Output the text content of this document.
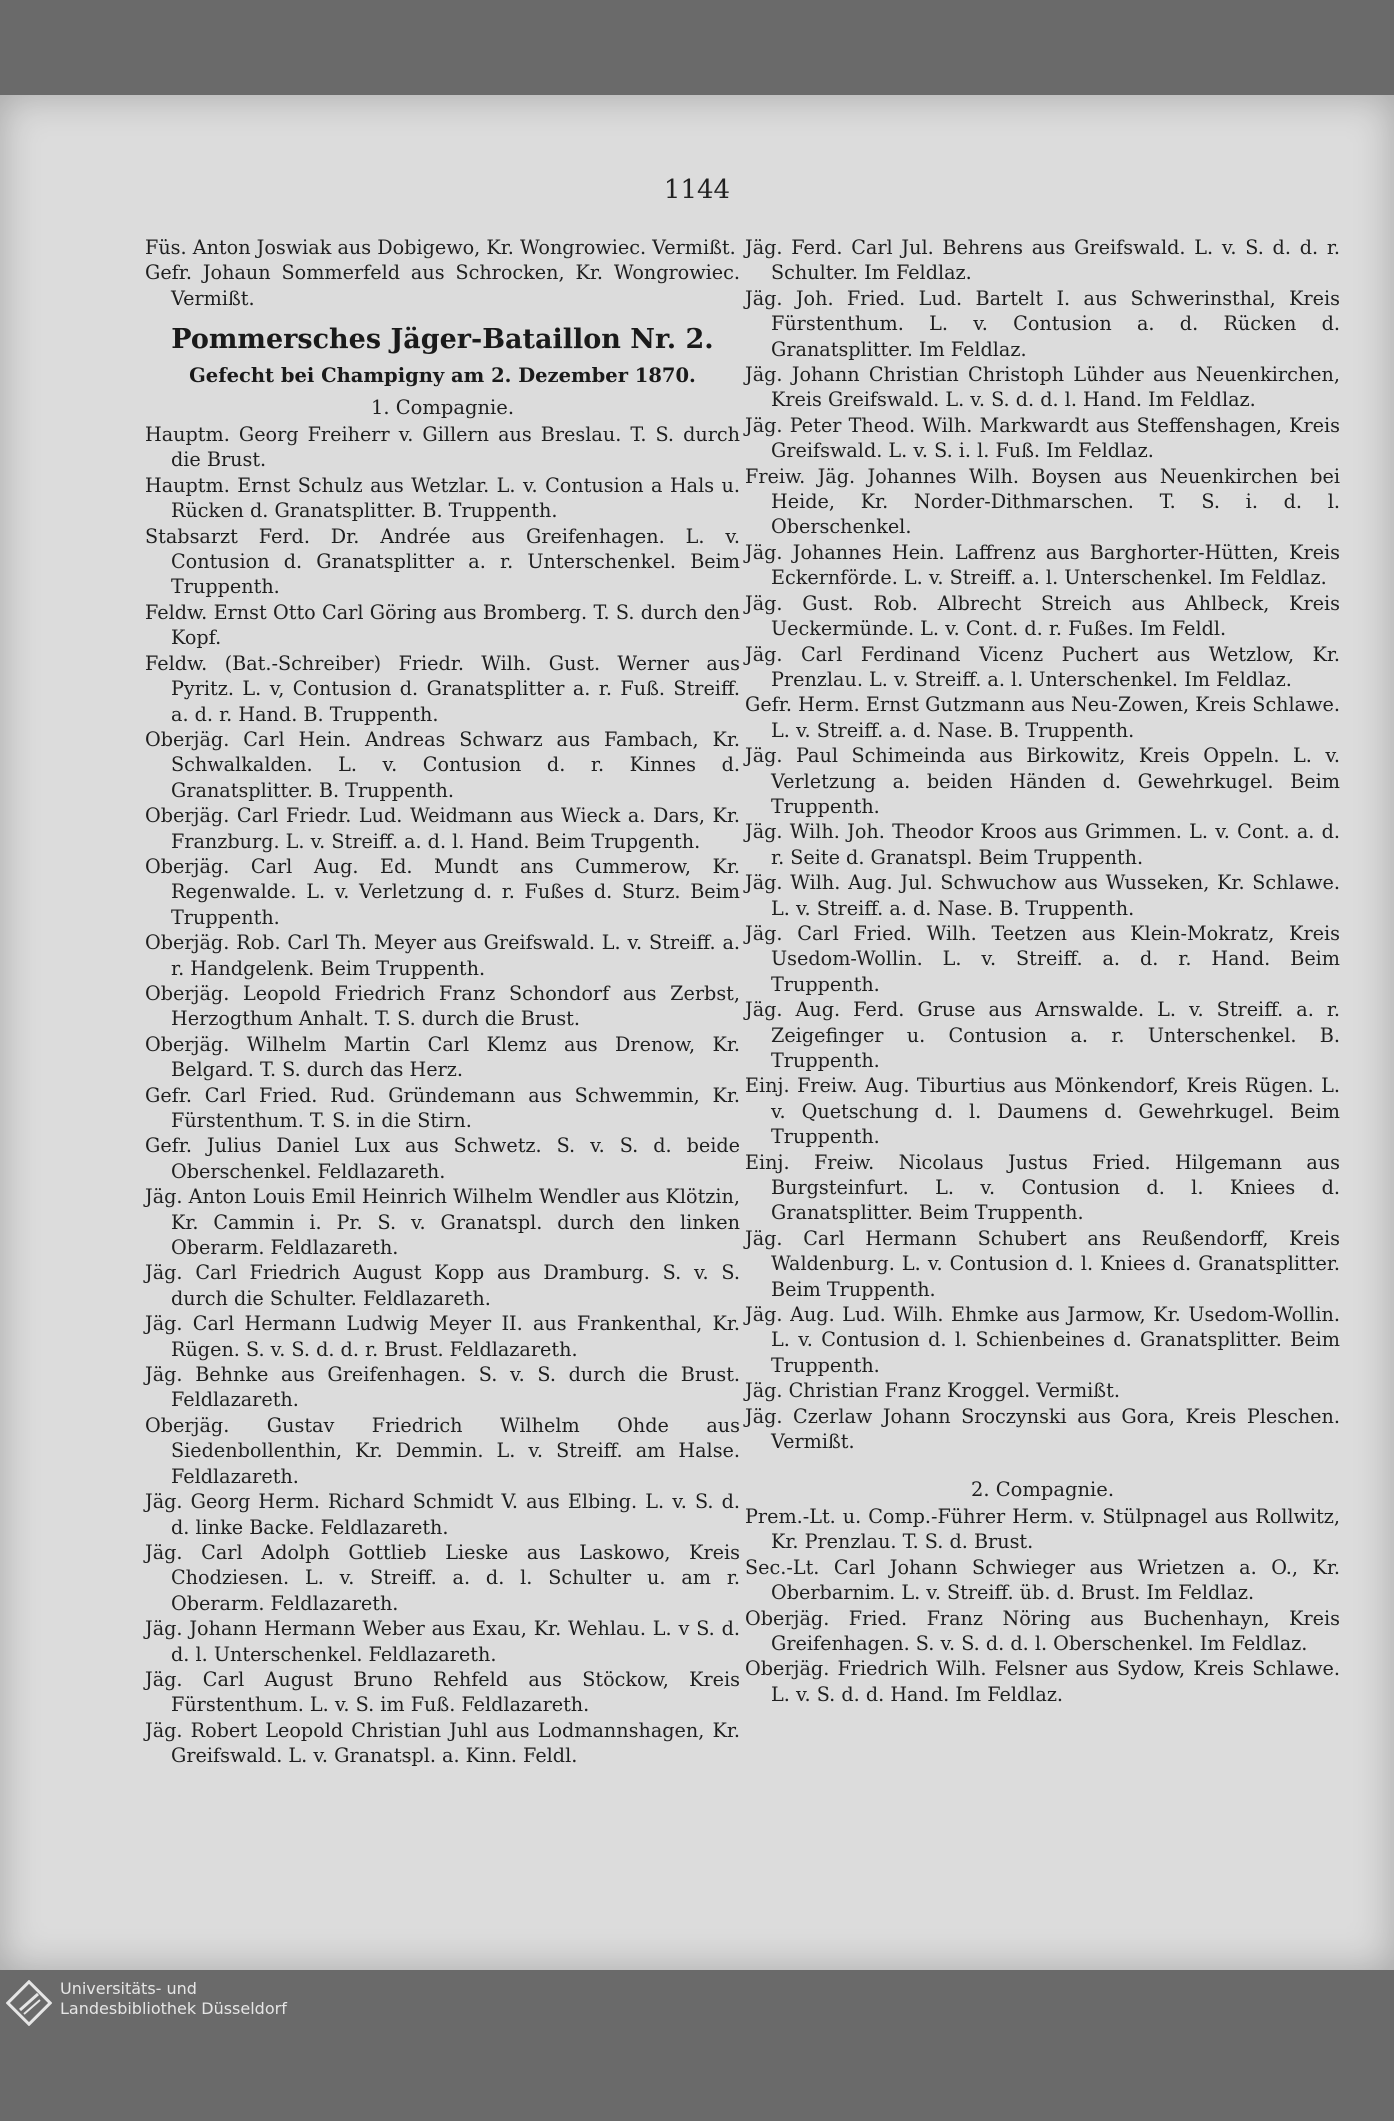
1144

Füs. Anton Joswiak aus Dobigewo, Kr. Wongrowiec. Vermißt.

Gefr. Johaun Sommerfeld aus Schrocken, Kr. Wongrowiec. Vermißt.

Pommersches Jäger-Bataillon Nr. 2.
Gefecht bei Champigny am 2. Dezember 1870.
1. Compagnie.

Hauptm. Georg Freiherr v. Gillern aus Breslau. T. S. durch die Brust.

Hauptm. Ernst Schulz aus Wetzlar. L. v. Contusion a Hals u. Rücken d. Granatsplitter. B. Truppenth.

Stabsarzt Ferd. Dr. Andrée aus Greifenhagen. L. v. Contusion d. Granatsplitter a. r. Unterschenkel. Beim Truppenth.

Feldw. Ernst Otto Carl Göring aus Bromberg. T. S. durch den Kopf.

Feldw. (Bat.-Schreiber) Friedr. Wilh. Gust. Werner aus Pyritz. L. v, Contusion d. Granatsplitter a. r. Fuß. Streiff. a. d. r. Hand. B. Truppenth.

Oberjäg. Carl Hein. Andreas Schwarz aus Fambach, Kr. Schwalkalden. L. v. Contusion d. r. Kinnes d. Granatsplitter. B. Truppenth.

Oberjäg. Carl Friedr. Lud. Weidmann aus Wieck a. Dars, Kr. Franzburg. L. v. Streiff. a. d. l. Hand. Beim Trupgenth.

Oberjäg. Carl Aug. Ed. Mundt ans Cummerow, Kr. Regenwalde. L. v. Verletzung d. r. Fußes d. Sturz. Beim Truppenth.

Oberjäg. Rob. Carl Th. Meyer aus Greifswald. L. v. Streiff. a. r. Handgelenk. Beim Truppenth.

Oberjäg. Leopold Friedrich Franz Schondorf aus Zerbst, Herzogthum Anhalt. T. S. durch die Brust.

Oberjäg. Wilhelm Martin Carl Klemz aus Drenow, Kr. Belgard. T. S. durch das Herz.

Gefr. Carl Fried. Rud. Gründemann aus Schwemmin, Kr. Fürstenthum. T. S. in die Stirn.

Gefr. Julius Daniel Lux aus Schwetz. S. v. S. d. beide Oberschenkel. Feldlazareth.

Jäg. Anton Louis Emil Heinrich Wilhelm Wendler aus Klötzin, Kr. Cammin i. Pr. S. v. Granatspl. durch den linken Oberarm. Feldlazareth.

Jäg. Carl Friedrich August Kopp aus Dramburg. S. v. S. durch die Schulter. Feldlazareth.

Jäg. Carl Hermann Ludwig Meyer II. aus Frankenthal, Kr. Rügen. S. v. S. d. d. r. Brust. Feldlazareth.

Jäg. Behnke aus Greifenhagen. S. v. S. durch die Brust. Feldlazareth.

Oberjäg. Gustav Friedrich Wilhelm Ohde aus Siedenbollenthin, Kr. Demmin. L. v. Streiff. am Halse. Feldlazareth.

Jäg. Georg Herm. Richard Schmidt V. aus Elbing. L. v. S. d. d. linke Backe. Feldlazareth.

Jäg. Carl Adolph Gottlieb Lieske aus Laskowo, Kreis Chodziesen. L. v. Streiff. a. d. l. Schulter u. am r. Oberarm. Feldlazareth.

Jäg. Johann Hermann Weber aus Exau, Kr. Wehlau. L. v S. d. d. l. Unterschenkel. Feldlazareth.

Jäg. Carl August Bruno Rehfeld aus Stöckow, Kreis Fürstenthum. L. v. S. im Fuß. Feldlazareth.

Jäg. Robert Leopold Christian Juhl aus Lodmannshagen, Kr. Greifswald. L. v. Granatspl. a. Kinn. Feldl.

Jäg. Ferd. Carl Jul. Behrens aus Greifswald. L. v. S. d. d. r. Schulter. Im Feldlaz.

Jäg. Joh. Fried. Lud. Bartelt I. aus Schwerinsthal, Kreis Fürstenthum. L. v. Contusion a. d. Rücken d. Granatsplitter. Im Feldlaz.

Jäg. Johann Christian Christoph Lühder aus Neuenkirchen, Kreis Greifswald. L. v. S. d. d. l. Hand. Im Feldlaz.

Jäg. Peter Theod. Wilh. Markwardt aus Steffenshagen, Kreis Greifswald. L. v. S. i. l. Fuß. Im Feldlaz.

Freiw. Jäg. Johannes Wilh. Boysen aus Neuenkirchen bei Heide, Kr. Norder-Dithmarschen. T. S. i. d. l. Oberschenkel.

Jäg. Johannes Hein. Laffrenz aus Barghorter-Hütten, Kreis Eckernförde. L. v. Streiff. a. l. Unterschenkel. Im Feldlaz.

Jäg. Gust. Rob. Albrecht Streich aus Ahlbeck, Kreis Ueckermünde. L. v. Cont. d. r. Fußes. Im Feldl.

Jäg. Carl Ferdinand Vicenz Puchert aus Wetzlow, Kr. Prenzlau. L. v. Streiff. a. l. Unterschenkel. Im Feldlaz.

Gefr. Herm. Ernst Gutzmann aus Neu-Zowen, Kreis Schlawe. L. v. Streiff. a. d. Nase. B. Truppenth.

Jäg. Paul Schimeinda aus Birkowitz, Kreis Oppeln. L. v. Verletzung a. beiden Händen d. Gewehrkugel. Beim Truppenth.

Jäg. Wilh. Joh. Theodor Kroos aus Grimmen. L. v. Cont. a. d. r. Seite d. Granatspl. Beim Truppenth.

Jäg. Wilh. Aug. Jul. Schwuchow aus Wusseken, Kr. Schlawe. L. v. Streiff. a. d. Nase. B. Truppenth.

Jäg. Carl Fried. Wilh. Teetzen aus Klein-Mokratz, Kreis Usedom-Wollin. L. v. Streiff. a. d. r. Hand. Beim Truppenth.

Jäg. Aug. Ferd. Gruse aus Arnswalde. L. v. Streiff. a. r. Zeigefinger u. Contusion a. r. Unterschenkel. B. Truppenth.

Einj. Freiw. Aug. Tiburtius aus Mönkendorf, Kreis Rügen. L. v. Quetschung d. l. Daumens d. Gewehrkugel. Beim Truppenth.

Einj. Freiw. Nicolaus Justus Fried. Hilgemann aus Burgsteinfurt. L. v. Contusion d. l. Kniees d. Granatsplitter. Beim Truppenth.

Jäg. Carl Hermann Schubert ans Reußendorff, Kreis Waldenburg. L. v. Contusion d. l. Kniees d. Granatsplitter. Beim Truppenth.

Jäg. Aug. Lud. Wilh. Ehmke aus Jarmow, Kr. Usedom-Wollin. L. v. Contusion d. l. Schienbeines d. Granatsplitter. Beim Truppenth.

Jäg. Christian Franz Kroggel. Vermißt.

Jäg. Czerlaw Johann Sroczynski aus Gora, Kreis Pleschen. Vermißt.

2. Compagnie.

Prem.-Lt. u. Comp.-Führer Herm. v. Stülpnagel aus Rollwitz, Kr. Prenzlau. T. S. d. Brust.

Sec.-Lt. Carl Johann Schwieger aus Wrietzen a. O., Kr. Oberbarnim. L. v. Streiff. üb. d. Brust. Im Feldlaz.

Oberjäg. Fried. Franz Nöring aus Buchenhayn, Kreis Greifenhagen. S. v. S. d. d. l. Oberschenkel. Im Feldlaz.

Oberjäg. Friedrich Wilh. Felsner aus Sydow, Kreis Schlawe. L. v. S. d. d. Hand. Im Feldlaz.

Universitäts- und
Landesbibliothek Düsseldorf
